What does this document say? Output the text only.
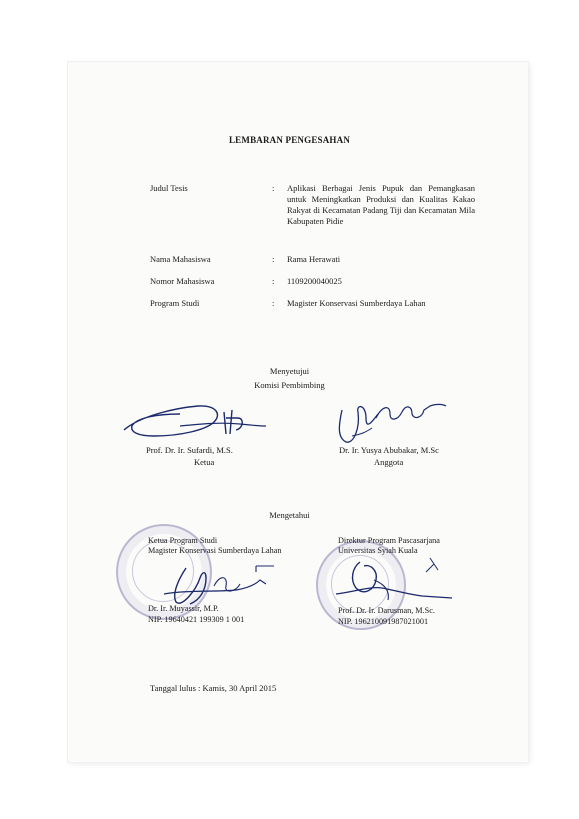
LEMBARAN PENGESAHAN
Judul Tesis	: Aplikasi Berbagai Jenis Pupuk dan Pemangkasan untuk Meningkatkan Produksi dan Kualitas Kakao Rakyat di Kecamatan Padang Tiji dan Kecamatan Mila Kabupaten Pidie
Nama Mahasiswa	: Rama Herawati
Nomor Mahasiswa	: 1109200040025
Program Studi	: Magister Konservasi Sumberdaya Lahan
Menyetujui
Komisi Pembimbing
Prof. Dr. Ir. Sufardi, M.S.
Ketua
Dr. Ir. Yusya Abubakar, M.Sc
Anggota
Mengetahui
Ketua Program Studi
Magister Konservasi Sumberdaya Lahan
Direktur Program Pascasarjana
Universitas Syiah Kuala
Dr. Ir. Muyassir, M.P.
NIP. 19640421 199309 1 001
Prof. Dr. Ir. Darusman, M.Sc.
NIP. 196210091987021001
Tanggal lulus : Kamis, 30 April 2015
